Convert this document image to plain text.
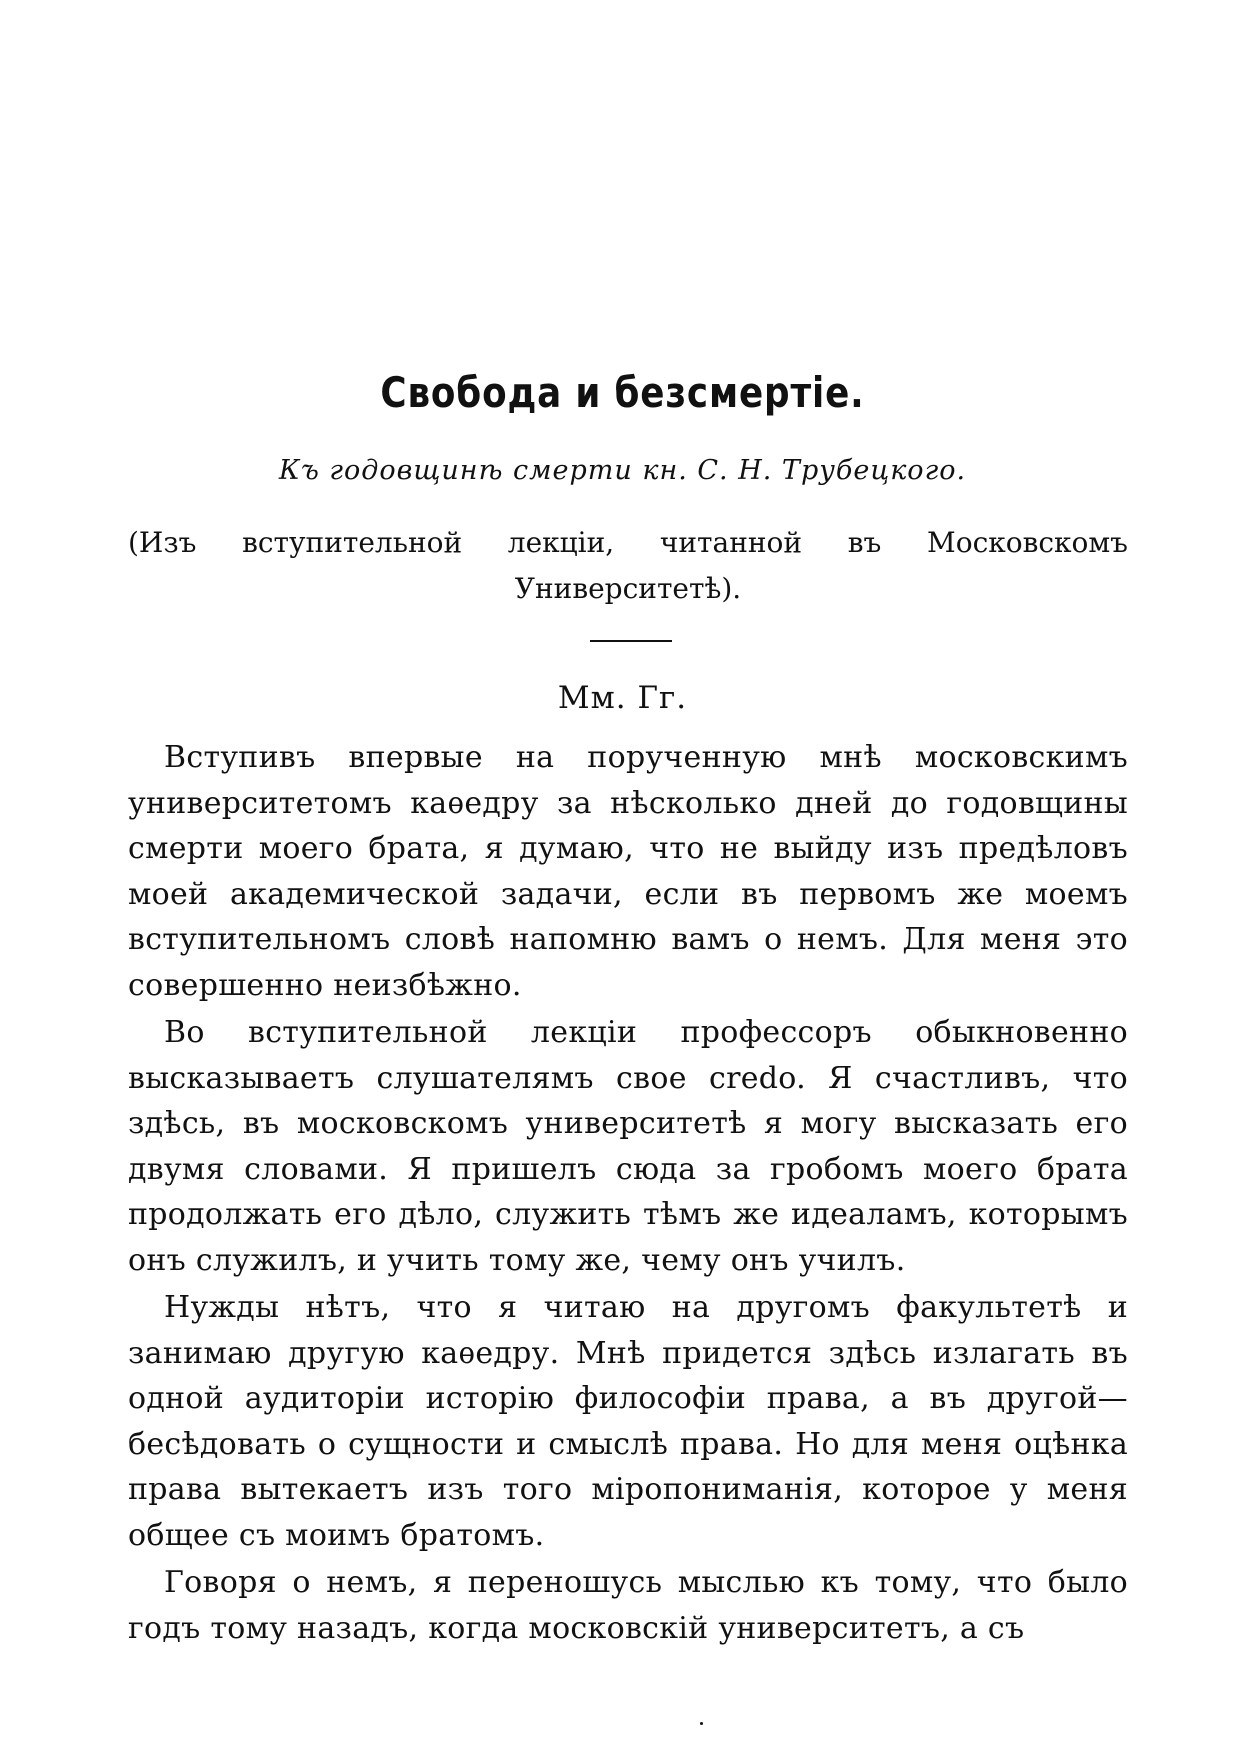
Свобода и безсмертіе.
Къ годовщинѣ смерти кн. С. Н. Трубецкого.
(Изъ вступительной лекціи, читанной въ Московскомъ Университетѣ).
Мм. Гг.

Вступивъ впервые на порученную мнѣ московскимъ университетомъ каѳедру за нѣсколько дней до годовщины смерти моего брата, я думаю, что не выйду изъ предѣловъ моей академической задачи, если въ первомъ же моемъ вступительномъ словѣ напомню вамъ о немъ. Для меня это совершенно неизбѣжно.

Во вступительной лекціи профессоръ обыкновенно высказываетъ слушателямъ свое credo. Я счастливъ, что здѣсь, въ московскомъ университетѣ я могу высказать его двумя словами. Я пришелъ сюда за гробомъ моего брата продолжать его дѣло, служить тѣмъ же идеаламъ, которымъ онъ служилъ, и учить тому же, чему онъ училъ.

Нужды нѣтъ, что я читаю на другомъ факультетѣ и занимаю другую каѳедру. Мнѣ придется здѣсь излагать въ одной аудиторіи исторію философіи права, а въ другой—бесѣдовать о сущности и смыслѣ права. Но для меня оцѣнка права вытекаетъ изъ того міропониманія, которое у меня общее съ моимъ братомъ.

Говоря о немъ, я переношусь мыслью къ тому, что было годъ тому назадъ, когда московскій университетъ, а съ
